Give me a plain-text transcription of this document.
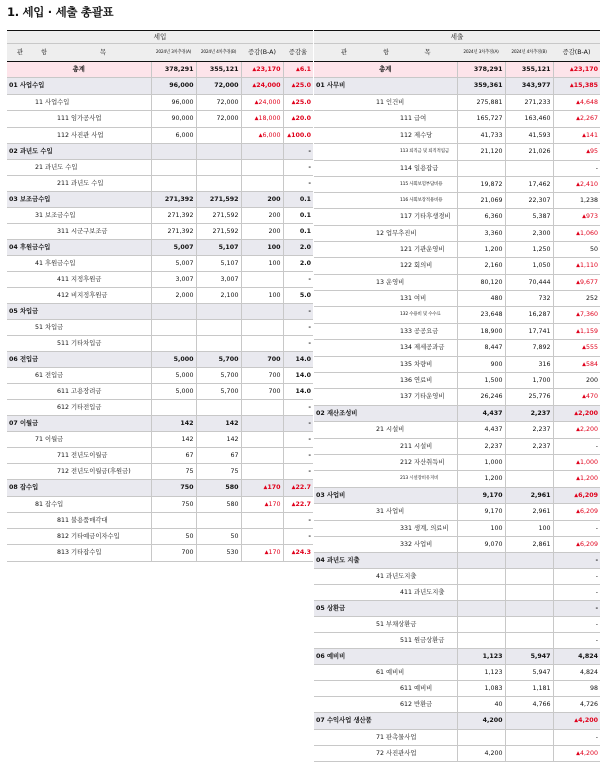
1. 세입 · 세출 총괄표
세입						
관	항	목	2024년 3차추경(A)	2024년 4차추경(B)	증감(B-A)	증감율
총계			378,291	355,121	▲23,170	▲6.1
01 사업수입			96,000	72,000	▲24,000	▲25.0
	11 사업수입		96,000	72,000	▲24,000	▲25.0
		111 임가공사업	90,000	72,000	▲18,000	▲20.0
		112 사진관 사업	6,000		▲6,000	▲100.0
02 과년도 수입						-
	21 과년도 수입					-
		211 과년도 수입				-
03 보조금수입			271,392	271,592	200	0.1
	31 보조금수입		271,392	271,592	200	0.1
		311 시군구보조금	271,392	271,592	200	0.1
04 후원금수입			5,007	5,107	100	2.0
	41 후원금수입		5,007	5,107	100	2.0
		411 지정후원금	3,007	3,007		-
		412 비지정후원금	2,000	2,100	100	5.0
05 차입금						-
	51 차입금					-
		511 기타차입금				-
06 전입금			5,000	5,700	700	14.0
	61 전입금		5,000	5,700	700	14.0
		611 고용장려금	5,000	5,700	700	14.0
		612 기타전입금				-
07 이월금			142	142		-
	71 이월금		142	142		-
		711 전년도이월금	67	67		-
		712 전년도이월금(후원금)	75	75		-
08 잡수입			750	580	▲170	▲22.7
	81 잡수입		750	580	▲170	▲22.7
		811 불용품매각대				-
		812 기타예금이자수입	50	50		-
		813 기타잡수입	700	530	▲170	▲24.3
세출					
관	항	목	2024년 3차추경(A)	2024년 4차추경(B)	증감(B-A)
총계			378,291	355,121	▲23,170
01 사무비			359,361	343,977	▲15,385
	11 인건비		275,881	271,233	▲4,648
		111 급여	165,727	163,460	▲2,267
		112 제수당	41,733	41,593	▲141
		113 퇴직금 및 퇴직적립금	21,120	21,026	▲95
		114 일용잡급			-
		115 사회보험부담비용	19,872	17,462	▲2,410
		116 사회보장적용비용	21,069	22,307	1,238
		117 기타후생경비	6,360	5,387	▲973
	12 업무추진비		3,360	2,300	▲1,060
		121 기관운영비	1,200	1,250	50
		122 회의비	2,160	1,050	▲1,110
	13 운영비		80,120	70,444	▲9,677
		131 여비	480	732	252
		132 수용비 및 수수료	23,648	16,287	▲7,360
		133 공공요금	18,900	17,741	▲1,159
		134 제세공과금	8,447	7,892	▲555
		135 차량비	900	316	▲584
		136 연료비	1,500	1,700	200
		137 기타운영비	26,246	25,776	▲470
02 재산조성비			4,437	2,237	▲2,200
	21 시설비		4,437	2,237	▲2,200
		211 시설비	2,237	2,237	-
		212 자산취득비	1,000		▲1,000
		213 시설장비유지비	1,200		▲1,200
03 사업비			9,170	2,961	▲6,209
	31 사업비		9,170	2,961	▲6,209
		331 생계, 의료비	100	100	-
		332 사업비	9,070	2,861	▲6,209
04 과년도 지출					-
	41 과년도지출				-
		411 과년도지출			-
05 상환금					-
	51 부채상환금				-
		511 원금상환금			-
06 예비비			1,123	5,947	4,824
	61 예비비		1,123	5,947	4,824
		611 예비비	1,083	1,181	98
		612 반환금	40	4,766	4,726
07 수익사업 생산품			4,200		▲4,200
	71 판촉물사업				-
	72 사진관사업		4,200		▲4,200
